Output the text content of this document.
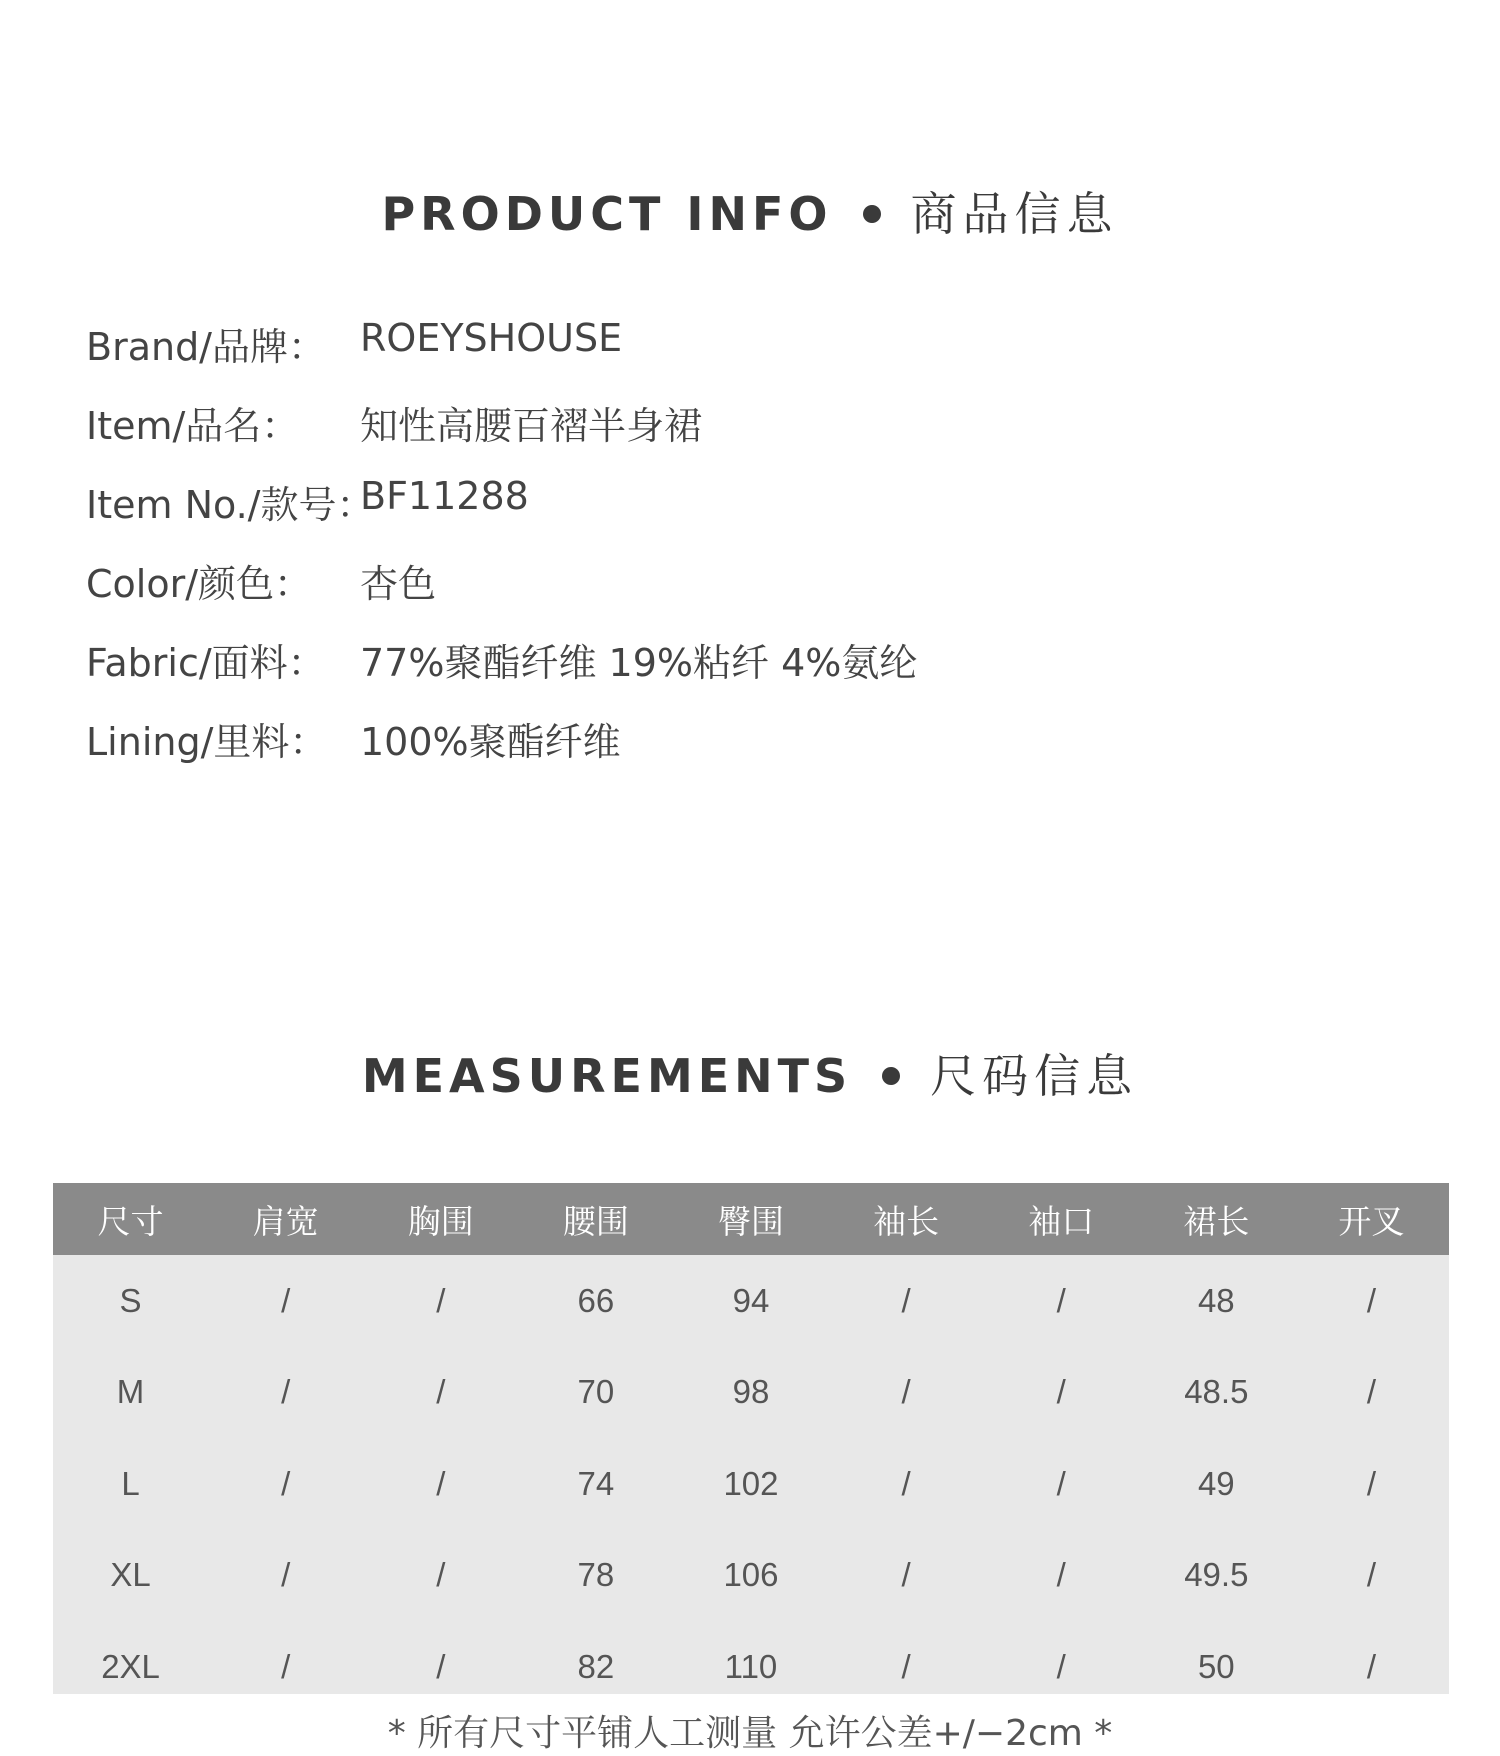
PRODUCT INFO 商品信息
Brand/品牌： ROEYSHOUSE
Item/品名： 知性高腰百褶半身裙
Item No./款号：
BF11288
Color/颜色： 杏色
Fabric/面料： 77%聚酯纤维 19%粘纤 4%氨纶
Lining/里料： 100%聚酯纤维
MEASUREMENTS 尺码信息
尺寸	肩宽	胸围	腰围	臀围	袖长	袖口	裙长	开叉
S	/	/	66	94	/	/	48	/
M	/	/	70	98	/	/	48.5	/
L	/	/	74	102	/	/	49	/
XL	/	/	78	106	/	/	49.5	/
2XL	/	/	82	110	/	/	50	/
* 所有尺寸平铺人工测量 允许公差+/−2cm *
